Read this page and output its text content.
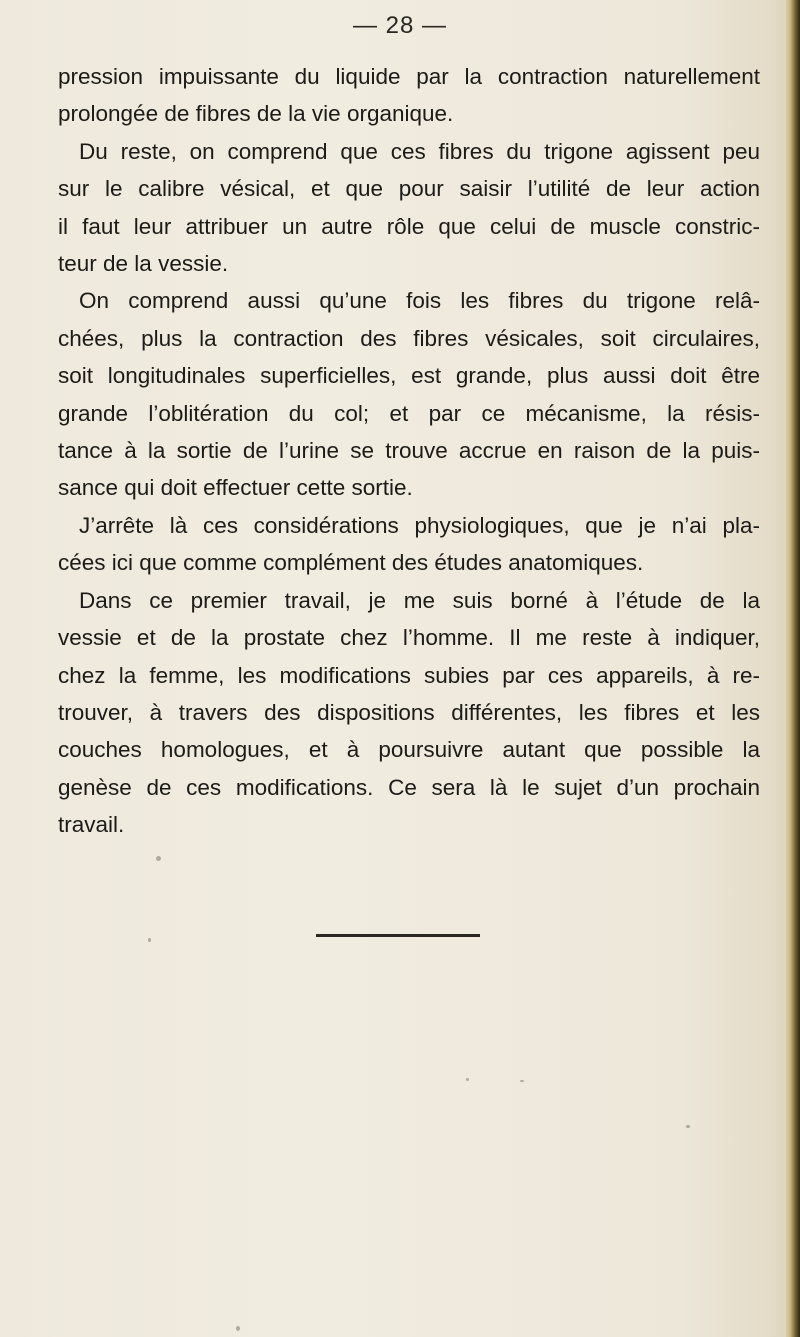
— 28 —
pression impuissante du liquide par la contraction naturellement
prolongée de fibres de la vie organique.
Du reste, on comprend que ces fibres du trigone agissent peu
sur le calibre vésical, et que pour saisir l’utilité de leur action
il faut leur attribuer un autre rôle que celui de muscle constric-
teur de la vessie.
On comprend aussi qu’une fois les fibres du trigone relâ-
chées, plus la contraction des fibres vésicales, soit circulaires,
soit longitudinales superficielles, est grande, plus aussi doit être
grande l’oblitération du col; et par ce mécanisme, la résis-
tance à la sortie de l’urine se trouve accrue en raison de la puis-
sance qui doit effectuer cette sortie.
J’arrête là ces considérations physiologiques, que je n’ai pla-
cées ici que comme complément des études anatomiques.
Dans ce premier travail, je me suis borné à l’étude de la
vessie et de la prostate chez l’homme. Il me reste à indiquer,
chez la femme, les modifications subies par ces appareils, à re-
trouver, à travers des dispositions différentes, les fibres et les
couches homologues, et à poursuivre autant que possible la
genèse de ces modifications. Ce sera là le sujet d’un prochain
travail.
